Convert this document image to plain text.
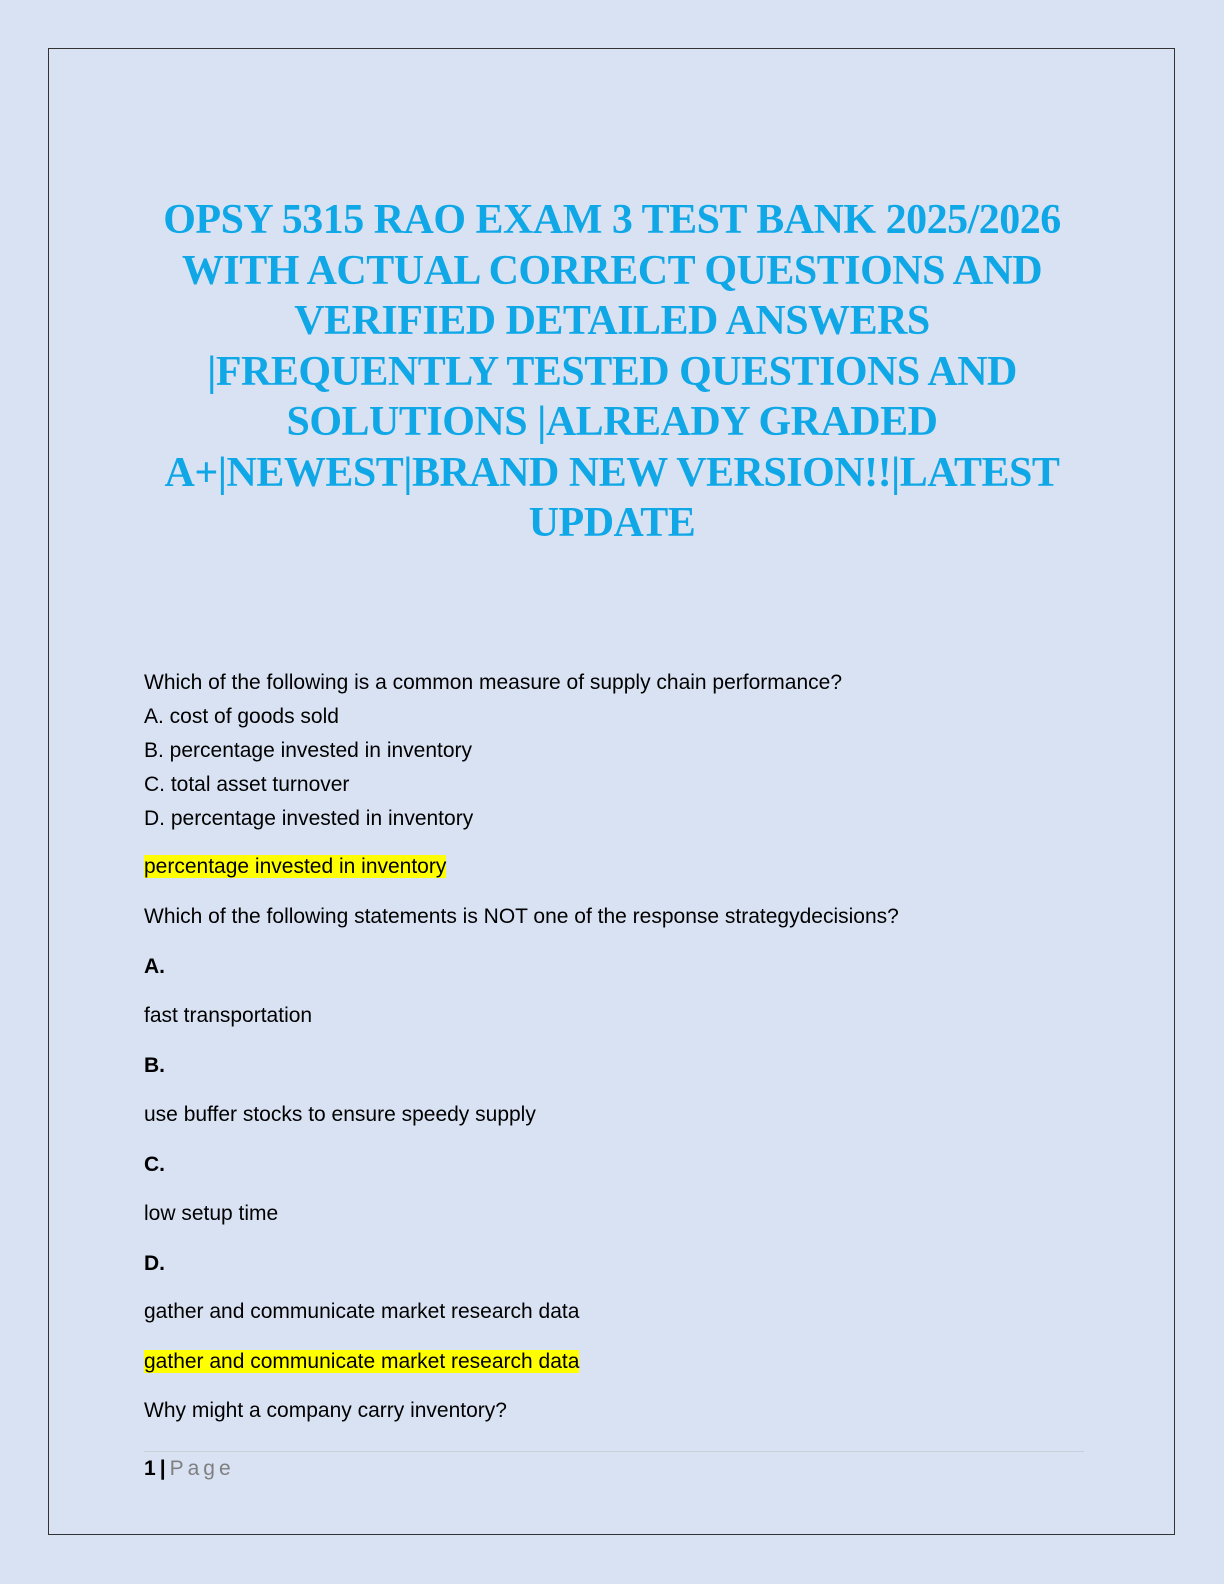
OPSY 5315 RAO EXAM 3 TEST BANK 2025/2026
WITH ACTUAL CORRECT QUESTIONS AND
VERIFIED DETAILED ANSWERS
|FREQUENTLY TESTED QUESTIONS AND
SOLUTIONS |ALREADY GRADED
A+|NEWEST|BRAND NEW VERSION!!|LATEST
UPDATE
Which of the following is a common measure of supply chain performance?
A. cost of goods sold
B. percentage invested in inventory
C. total asset turnover
D. percentage invested in inventory
percentage invested in inventory
Which of the following statements is NOT one of the response strategydecisions?
A.
fast transportation
B.
use buffer stocks to ensure speedy supply
C.
low setup time
D.
gather and communicate market research data
gather and communicate market research data
Why might a company carry inventory?
1 | Page
